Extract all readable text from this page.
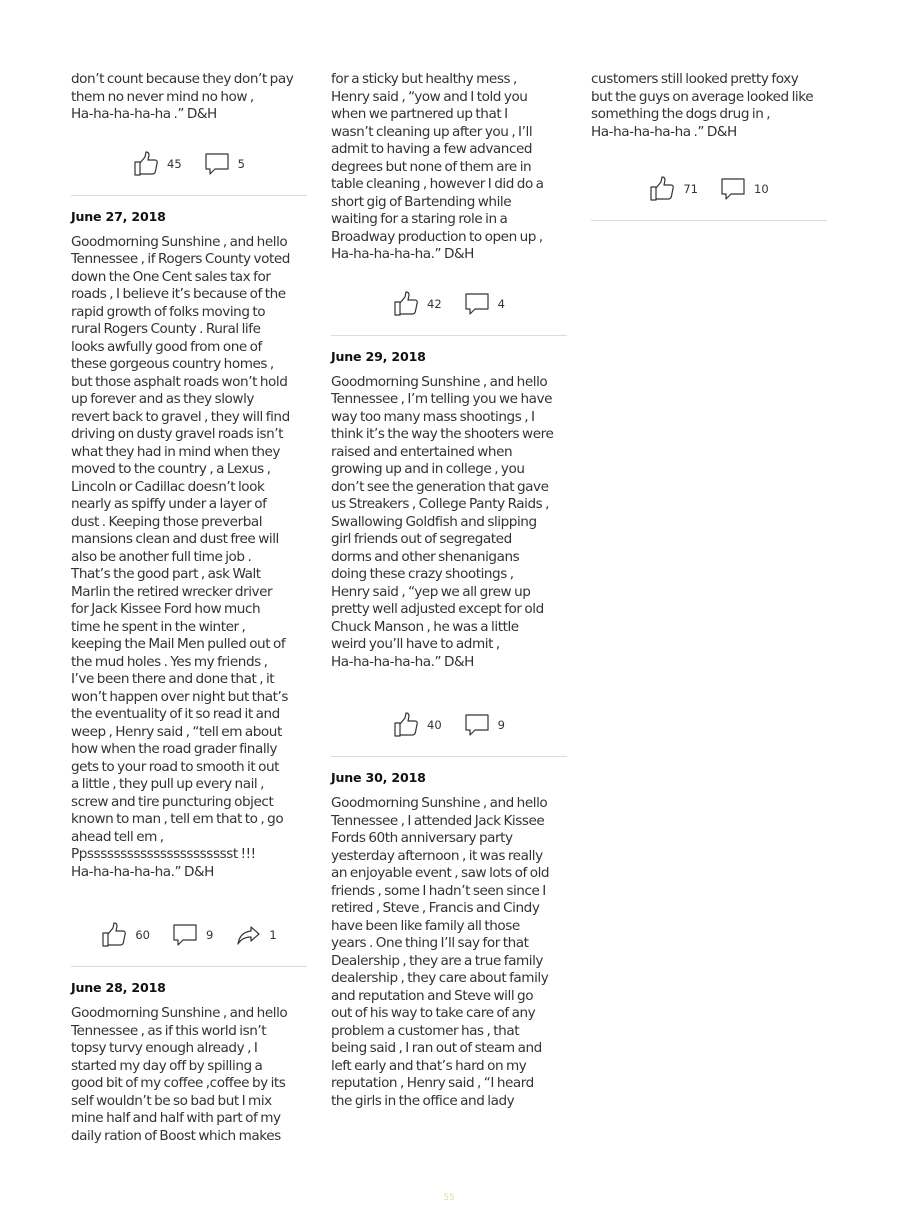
don’t count because they don’t pay
them no never mind no how ,
Ha-ha-ha-ha-ha .” D&H
45	5
June 27, 2018
Goodmorning Sunshine , and hello
Tennessee , if Rogers County voted
down the One Cent sales tax for
roads , I believe it’s because of the
rapid growth of folks moving to
rural Rogers County . Rural life
looks awfully good from one of
these gorgeous country homes ,
but those asphalt roads won’t hold
up forever and as they slowly
revert back to gravel , they will find
driving on dusty gravel roads isn’t
what they had in mind when they
moved to the country , a Lexus ,
Lincoln or Cadillac doesn’t look
nearly as spiffy under a layer of
dust . Keeping those preverbal
mansions clean and dust free will
also be another full time job .
That’s the good part , ask Walt
Marlin the retired wrecker driver
for Jack Kissee Ford how much
time he spent in the winter ,
keeping the Mail Men pulled out of
the mud holes . Yes my friends ,
I’ve been there and done that , it
won’t happen over night but that’s
the eventuality of it so read it and
weep , Henry said , “tell em about
how when the road grader finally
gets to your road to smooth it out
a little , they pull up every nail ,
screw and tire puncturing object
known to man , tell em that to , go
ahead tell em ,
Ppsssssssssssssssssssssst !!!
Ha-ha-ha-ha-ha.” D&H
60	9	1
June 28, 2018
Goodmorning Sunshine , and hello
Tennessee , as if this world isn’t
topsy turvy enough already , I
started my day off by spilling a
good bit of my coffee ,coffee by its
self wouldn’t be so bad but I mix
mine half and half with part of my
daily ration of Boost which makes
for a sticky but healthy mess ,
Henry said , “yow and I told you
when we partnered up that I
wasn’t cleaning up after you , I’ll
admit to having a few advanced
degrees but none of them are in
table cleaning , however I did do a
short gig of Bartending while
waiting for a staring role in a
Broadway production to open up ,
Ha-ha-ha-ha-ha.” D&H
42	4
June 29, 2018
Goodmorning Sunshine , and hello
Tennessee , I’m telling you we have
way too many mass shootings , I
think it’s the way the shooters were
raised and entertained when
growing up and in college , you
don’t see the generation that gave
us Streakers , College Panty Raids ,
Swallowing Goldfish and slipping
girl friends out of segregated
dorms and other shenanigans
doing these crazy shootings ,
Henry said , “yep we all grew up
pretty well adjusted except for old
Chuck Manson , he was a little
weird you’ll have to admit ,
Ha-ha-ha-ha-ha.” D&H
40	9
June 30, 2018
Goodmorning Sunshine , and hello
Tennessee , I attended Jack Kissee
Fords 60th anniversary party
yesterday afternoon , it was really
an enjoyable event , saw lots of old
friends , some I hadn’t seen since I
retired , Steve , Francis and Cindy
have been like family all those
years . One thing I’ll say for that
Dealership , they are a true family
dealership , they care about family
and reputation and Steve will go
out of his way to take care of any
problem a customer has , that
being said , I ran out of steam and
left early and that’s hard on my
reputation , Henry said , “I heard
the girls in the office and lady
customers still looked pretty foxy
but the guys on average looked like
something the dogs drug in ,
Ha-ha-ha-ha-ha .” D&H
71	10
55
